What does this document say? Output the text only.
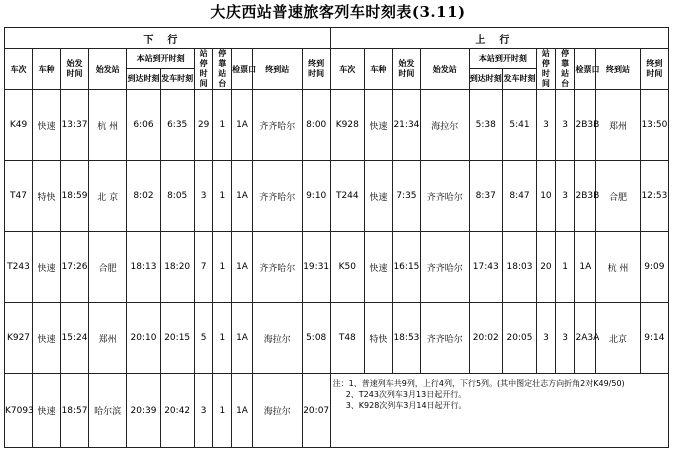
大庆西站普速旅客列车时刻表(3.11)
下行											上行										
车次	车种	始发时间	始发站	本站到开时刻		站停时间	停靠站台	检票口	终到站	终到时间	车次	车种	始发时间	始发站	本站到开时刻		站停时间	停靠站台	检票口	终到站	终到时间
				到达时刻	发车时刻										到达时刻	发车时刻					
K49	快速	13:37	杭 州	6:06	6:35	29	1	1A	齐齐哈尔	8:00	K928	快速	21:34	海拉尔	5:38	5:41	3	3	2B3B	郑州	13:50
T47	特快	18:59	北 京	8:02	8:05	3	1	1A	齐齐哈尔	9:10	T244	快速	7:35	齐齐哈尔	8:37	8:47	10	3	2B3B	合肥	12:53
T243	快速	17:26	合肥	18:13	18:20	7	1	1A	齐齐哈尔	19:31	K50	快速	16:15	齐齐哈尔	17:43	18:03	20	1	1A	杭 州	9:09
K927	快速	15:24	郑州	20:10	20:15	5	1	1A	海拉尔	5:08	T48	特快	18:53	齐齐哈尔	20:02	20:05	3	3	2A3A	北京	9:14
K7093	快速	18:57	哈尔滨	20:39	20:42	3	1	1A	海拉尔	20:07	注：1、普速列车共9列，上行4列，下行5列。(其中图定壮志方向折角2对K49/50)
2、T243次列车3月13日起开行。
3、K928次列车3月14日起开行。										
